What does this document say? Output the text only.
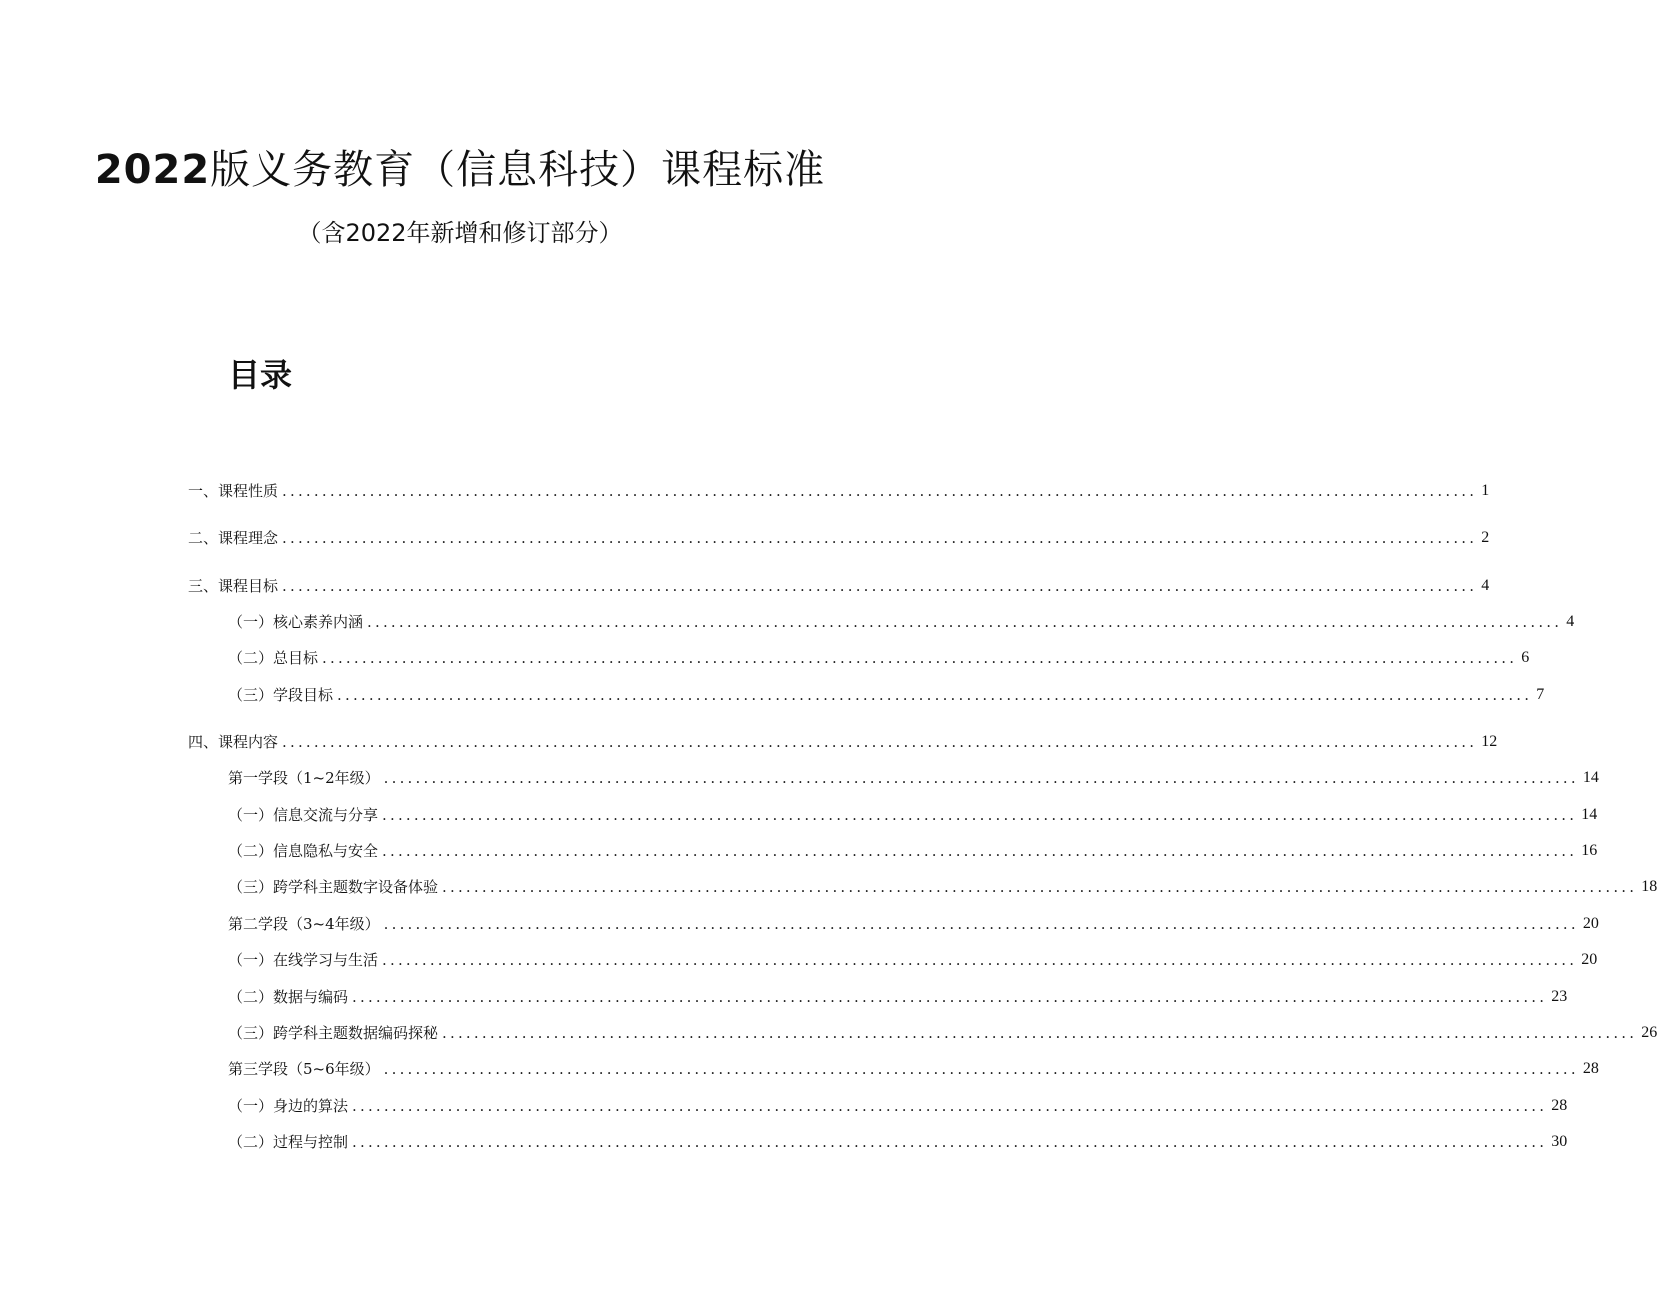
2022版义务教育（信息科技）课程标准

（含2022年新增和修订部分）

目录
一、课程性质 ...................................................................................................................................................... 1
二、课程理念 ...................................................................................................................................................... 2
三、课程目标 ...................................................................................................................................................... 4
（一）核心素养内涵 ...................................................................................................................................................... 4
（二）总目标 ...................................................................................................................................................... 6
（三）学段目标 ...................................................................................................................................................... 7
四、课程内容 ...................................................................................................................................................... 12
第一学段（1~2年级） ...................................................................................................................................................... 14
（一）信息交流与分享 ...................................................................................................................................................... 14
（二）信息隐私与安全 ...................................................................................................................................................... 16
（三）跨学科主题数字设备体验 ...................................................................................................................................................... 18
第二学段（3~4年级） ...................................................................................................................................................... 20
（一）在线学习与生活 ...................................................................................................................................................... 20
（二）数据与编码 ...................................................................................................................................................... 23
（三）跨学科主题数据编码探秘 ...................................................................................................................................................... 26
第三学段（5~6年级） ...................................................................................................................................................... 28
（一）身边的算法 ...................................................................................................................................................... 28
（二）过程与控制 ...................................................................................................................................................... 30
